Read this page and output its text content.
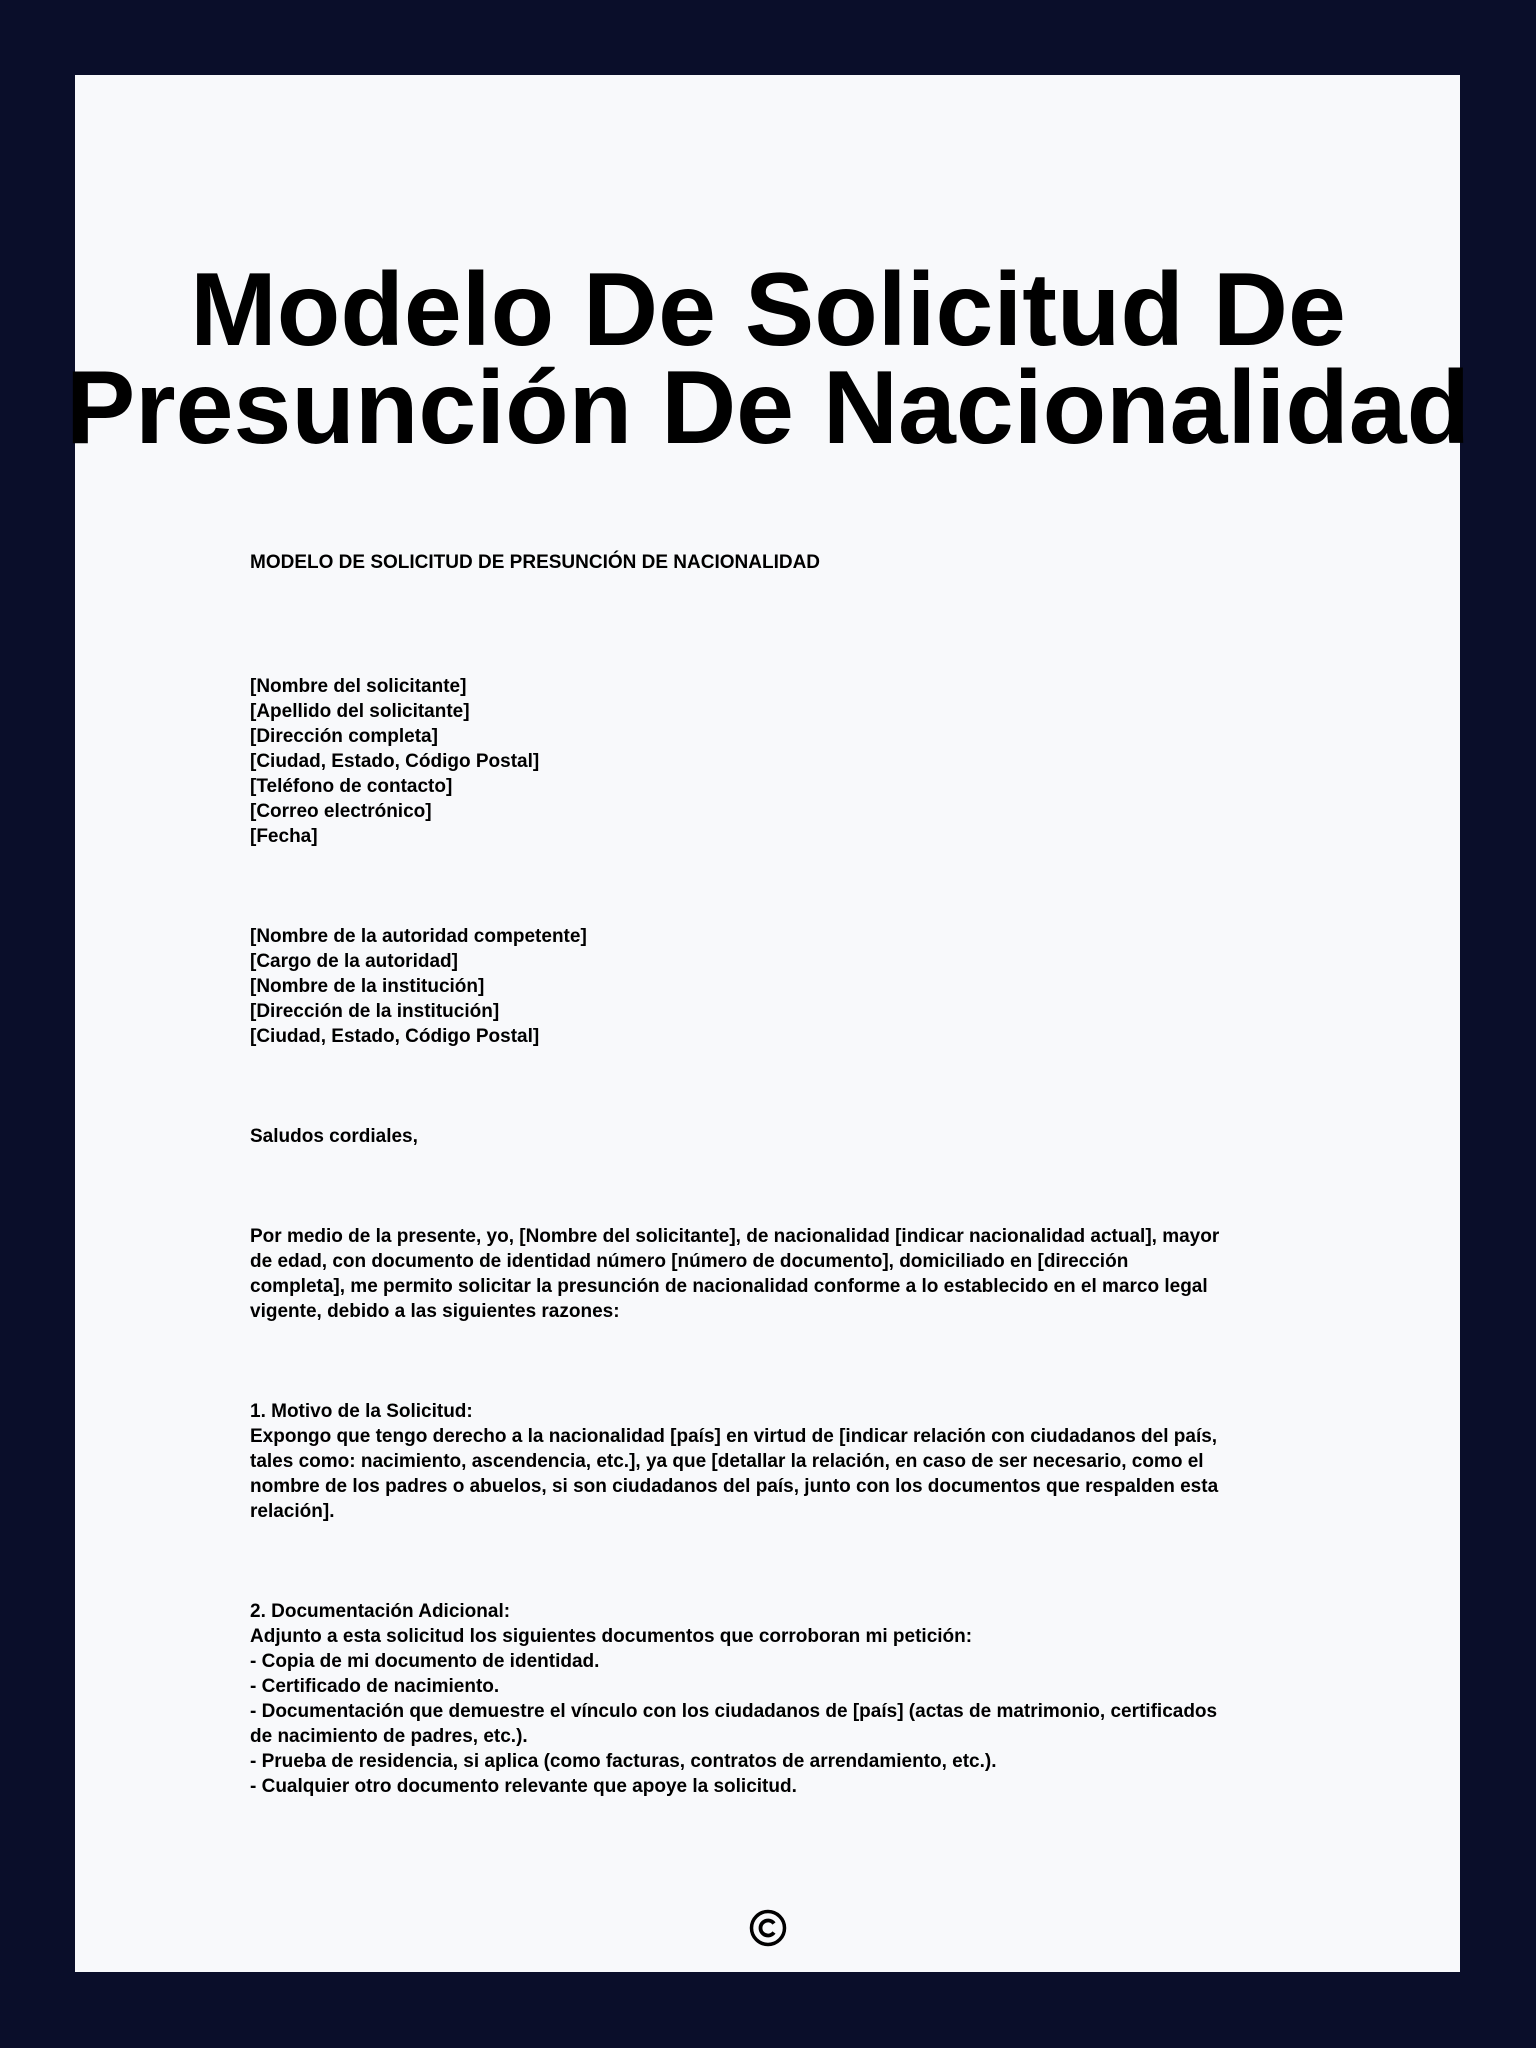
Modelo De Solicitud De
Presunción De Nacionalidad
MODELO DE SOLICITUD DE PRESUNCIÓN DE NACIONALIDAD
[Nombre del solicitante]
[Apellido del solicitante]
[Dirección completa]
[Ciudad, Estado, Código Postal]
[Teléfono de contacto]
[Correo electrónico]
[Fecha]
[Nombre de la autoridad competente]
[Cargo de la autoridad]
[Nombre de la institución]
[Dirección de la institución]
[Ciudad, Estado, Código Postal]
Saludos cordiales,
Por medio de la presente, yo, [Nombre del solicitante], de nacionalidad [indicar nacionalidad actual], mayor
de edad, con documento de identidad número [número de documento], domiciliado en [dirección
completa], me permito solicitar la presunción de nacionalidad conforme a lo establecido en el marco legal
vigente, debido a las siguientes razones:
1. Motivo de la Solicitud:
Expongo que tengo derecho a la nacionalidad [país] en virtud de [indicar relación con ciudadanos del país,
tales como: nacimiento, ascendencia, etc.], ya que [detallar la relación, en caso de ser necesario, como el
nombre de los padres o abuelos, si son ciudadanos del país, junto con los documentos que respalden esta
relación].
2. Documentación Adicional:
Adjunto a esta solicitud los siguientes documentos que corroboran mi petición:
- Copia de mi documento de identidad.
- Certificado de nacimiento.
- Documentación que demuestre el vínculo con los ciudadanos de [país] (actas de matrimonio, certificados
de nacimiento de padres, etc.).
- Prueba de residencia, si aplica (como facturas, contratos de arrendamiento, etc.).
- Cualquier otro documento relevante que apoye la solicitud.
